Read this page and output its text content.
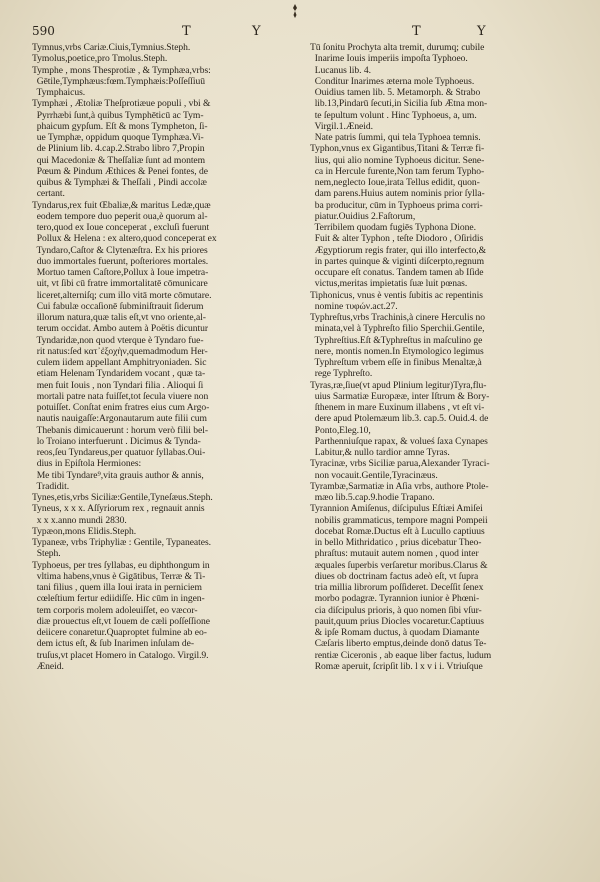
590	T	Y	T	Y

Tymnus,vrbs Cariæ.Ciuis,Tymnius.Steph.

Tymolus,poetice,pro Tmolus.Steph.

Tymphe , mons Thesprotiæ , & Tymphæa,vrbs:

Gētile,Tymphæus:fœm.Tymphæis:Poſſeſſiuū

Tymphaicus.

Tymphæi , Ætoliæ Theſprotiæue populi , vbi &

Pyrrhæbi ſunt,à quibus Tymphēticū ac Tym-

phaicum gypſum. Eſt & mons Tympheton, ſi-

ue Tymphæ, oppidum quoque Tymphæa.Vi-

de Plinium lib. 4.cap.2.Strabo libro 7,Propin

qui Macedoniæ & Theſſaliæ ſunt ad montem

Pœum & Pindum Æthices & Penei fontes, de

quibus & Tymphæi & Theſſali , Pindi accolæ

certant.

Tyndarus,rex fuit Œbaliæ,& maritus Ledæ,quæ

eodem tempore duo peperit oua,è quorum al-

tero,quod ex Ioue conceperat , excluſi fuerunt

Pollux & Helena : ex altero,quod conceperat ex

Tyndaro,Caſtor & Clytenæſtra. Ex his priores

duo immortales fuerunt, poſteriores mortales.

Mortuo tamen Caſtore,Pollux à Ioue impetra-

uit, vt ſibi cū fratre immortalitatē cōmunicare

liceret,alterniſq; cum illo vitā morte cōmutare.

Cui fabulæ occaſionē ſubminiſtrauit ſiderum

illorum natura,quæ talis eſt,vt vno oriente,al-

terum occidat. Ambo autem à Poëtis dicuntur

Tyndaridæ,non quod vterque è Tyndaro fue-

rit natus:ſed κατ᾽ἐξοχὴν,quemadmodum Her-

culem iidem appellant Amphitryoniaden. Sic

etiam Helenam Tyndaridem vocant , quæ ta-

men fuit Iouis , non Tyndari filia . Alioqui ſi

mortali patre nata fuiſſet,tot ſecula viuere non

potuiſſet. Conſtat enim fratres eius cum Argo-

nautis nauigaſſe:Argonautarum aute filii cum

Thebanis dimicauerunt : horum verò filii bel-

lo Troiano interfuerunt . Dicimus & Tynda-

reos,ſeu Tyndareus,per quatuor ſyllabas.Oui-

dius in Epiſtola Hermiones:

Me tibi Tyndare⁹,vita grauis author & annis,

Tradidit.

Tynes,etis,vrbs Siciliæ:Gentile,Tyneſæus.Steph.

Tyneus, x x x. Aſſyriorum rex , regnauit annis

x x x.anno mundi 2830.

Typæon,mons Elidis.Steph.

Typaneæ, vrbs Triphyliæ : Gentile, Typaneates.

Steph.

Typhoeus, per tres ſyllabas, eu diphthongum in

vltima habens,vnus è Gigātibus, Terræ & Ti-

tani filius , quem illa Ioui irata in perniciem

cœleſtium fertur ediidiſſe. Hic cūm in ingen-

tem corporis molem adoleuiſſet, eo væcor-

diæ prouectus eſt,vt Iouem de cæli poſſeſſione

deiicere conaretur.Quaproptet fulmine ab eo-

dem ictus eſt, & ſub Inarimen inſulam de-

truſus,vt placet Homero in Catalogo. Virgil.9.

Æneid.

Tū ſonitu Prochyta alta tremit, durumq; cubile

Inarime Iouis imperiis impoſta Typhoeo.

Lucanus lib. 4.

Conditur Inarimes æterna mole Typhoeus.

Ouidius tamen lib. 5. Metamorph. & Strabo

lib.13,Pindarū ſecuti,in Sicilia ſub Ætna mon-

te ſepultum volunt . Hinc Typhoeus, a, um.

Virgil.1.Æneid.

Nate patris ſummi, qui tela Typhoea temnis.

Typhon,vnus ex Gigantibus,Titani & Terræ fi-

lius, qui alio nomine Typhoeus dicitur. Sene-

ca in Hercule furente,Non tam ferum Typho-

nem,neglecto Ioue,irata Tellus edidit, quon-

dam parens.Huius autem nominis prior ſylla-

ba producitur, cūm in Typhoeus prima corri-

piatur.Ouidius 2.Faſtorum,

Terribilem quodam fugiēs Typhona Dione.

Fuit & alter Typhon , teſte Diodoro , Oſiridis

Ægyptiorum regis frater, qui illo interfecto,&

in partes quinque & viginti diſcerpto,regnum

occupare eſt conatus. Tandem tamen ab Iſide

victus,meritas impietatis ſuæ luit pœnas.

Tiphonicus, vnus è ventis ſubitis ac repentinis

nomine τυφών.act.27.

Typhreſtus,vrbs Trachinis,à cinere Herculis no

minata,vel à Typhreſto filio Sperchii.Gentile,

Typhreſtius.Eſt &Typhreſtus in maſculino ge

nere, montis nomen.In Etymologico legimus

Typhreſtum vrbem eſſe in finibus Menaltæ,à

rege Typhreſto.

Tyras,ræ,ſiue(vt apud Plinium legitur)Tyra,flu-

uius Sarmatiæ Europææ, inter Iſtrum & Bory-

ſthenem in mare Euxinum illabens , vt eſt vi-

dere apud Ptolemæum lib.3. cap.5. Ouid.4. de

Ponto,Eleg.10,

Parthenniuſque rapax, & volueś ſaxa Cynapes

Labitur,& nullo tardior amne Tyras.

Tyracinæ, vrbs Siciliæ parua,Alexander Tyraci-

non vocauit.Gentile,Tyracinæus.

Tyrambæ,Sarmatiæ in Aſia vrbs, authore Ptole-

mæo lib.5.cap.9.hodie Trapano.

Tyrannion Amiſenus, diſcipulus Eſtiæi Amiſei

nobilis grammaticus, tempore magni Pompeii

docebat Romæ.Ductus eſt à Lucullo captiuus

in bello Mithridatico , prius dicebatur Theo-

phraſtus: mutauit autem nomen , quod inter

æquales ſuperbis verſaretur moribus.Clarus &

diues ob doctrinam factus adeò eſt, vt ſupra

tria millia librorum poſſideret. Deceſſit ſenex

morbo podagræ. Tyrannion iunior è Phœni-

cia diſcipulus prioris, à quo nomen ſibi vſur-

pauit,quum prius Diocles vocaretur.Captiuus

& ipſe Romam ductus, à quodam Diamante

Cæſaris liberto emptus,deinde donō datus Te-

rentiæ Ciceronis , ab eaque liber factus, ludum

Romæ aperuit, ſcripſit lib. l x v i i. Vtriuſque
